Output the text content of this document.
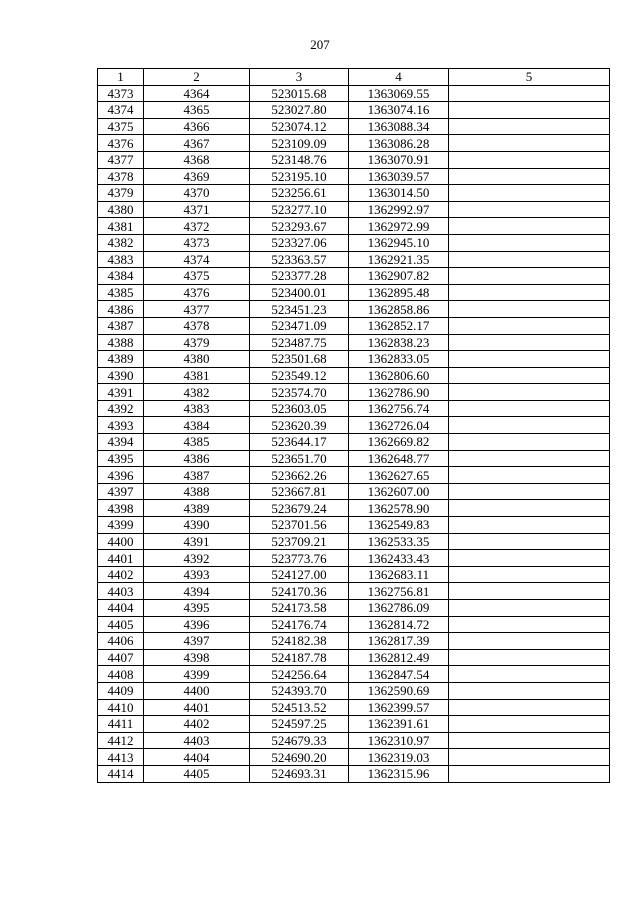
207
1	2	3	4	5
4373	4364	523015.68	1363069.55	
4374	4365	523027.80	1363074.16	
4375	4366	523074.12	1363088.34	
4376	4367	523109.09	1363086.28	
4377	4368	523148.76	1363070.91	
4378	4369	523195.10	1363039.57	
4379	4370	523256.61	1363014.50	
4380	4371	523277.10	1362992.97	
4381	4372	523293.67	1362972.99	
4382	4373	523327.06	1362945.10	
4383	4374	523363.57	1362921.35	
4384	4375	523377.28	1362907.82	
4385	4376	523400.01	1362895.48	
4386	4377	523451.23	1362858.86	
4387	4378	523471.09	1362852.17	
4388	4379	523487.75	1362838.23	
4389	4380	523501.68	1362833.05	
4390	4381	523549.12	1362806.60	
4391	4382	523574.70	1362786.90	
4392	4383	523603.05	1362756.74	
4393	4384	523620.39	1362726.04	
4394	4385	523644.17	1362669.82	
4395	4386	523651.70	1362648.77	
4396	4387	523662.26	1362627.65	
4397	4388	523667.81	1362607.00	
4398	4389	523679.24	1362578.90	
4399	4390	523701.56	1362549.83	
4400	4391	523709.21	1362533.35	
4401	4392	523773.76	1362433.43	
4402	4393	524127.00	1362683.11	
4403	4394	524170.36	1362756.81	
4404	4395	524173.58	1362786.09	
4405	4396	524176.74	1362814.72	
4406	4397	524182.38	1362817.39	
4407	4398	524187.78	1362812.49	
4408	4399	524256.64	1362847.54	
4409	4400	524393.70	1362590.69	
4410	4401	524513.52	1362399.57	
4411	4402	524597.25	1362391.61	
4412	4403	524679.33	1362310.97	
4413	4404	524690.20	1362319.03	
4414	4405	524693.31	1362315.96	
